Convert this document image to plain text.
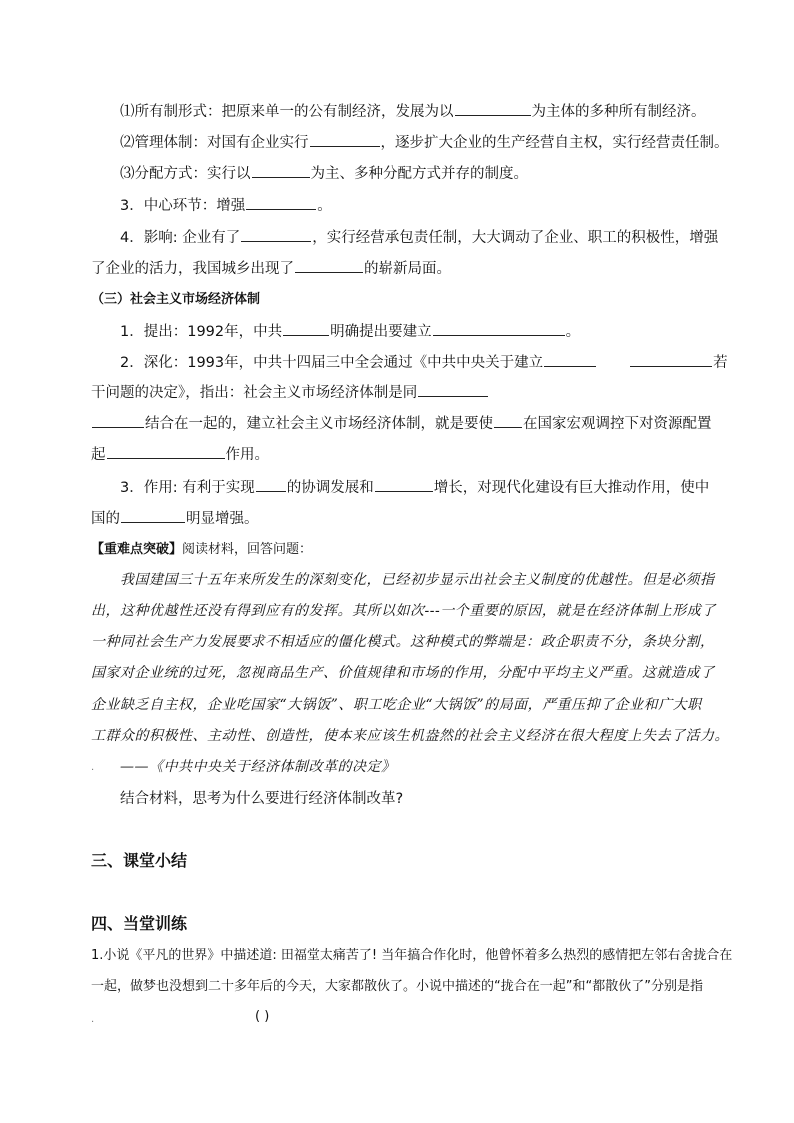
⑴所有制形式：把原来单一的公有制经济，发展为以	为主体的多种所有制经济。
⑵管理体制：对国有企业实行	，逐步扩大企业的生产经营自主权，实行经营责任制。
⑶分配方式：实行以	为主、多种分配方式并存的制度。
3．中心环节：增强	。
4．影响: 企业有了	，实行经营承包责任制，大大调动了企业、职工的积极性，增强
了企业的活力，我国城乡出现了	的崭新局面。
（三）社会主义市场经济体制
1．提出：1992年，中共	明确提出要建立	。
2．深化：1993年，中共十四届三中全会通过《中共中央关于建立	若
干问题的决定》，指出：社会主义市场经济体制是同
结合在一起的，建立社会主义市场经济体制，就是要使 在国家宏观调控下对资源配置
起	作用。
3．作用: 有利于实现 的协调发展和	增长，对现代化建设有巨大推动作用，使中
国的	明显增强。
【重难点突破】阅读材料，回答问题：
我国建国三十五年来所发生的深刻变化，已经初步显示出社会主义制度的优越性。但是必须指
出，这种优越性还没有得到应有的发挥。其所以如次---一个重要的原因，就是在经济体制上形成了
一种同社会生产力发展要求不相适应的僵化模式。这种模式的弊端是：政企职责不分，条块分割，
国家对企业统的过死，忽视商品生产、价值规律和市场的作用，分配中平均主义严重。这就造成了
企业缺乏自主权，企业吃国家“大锅饭”、职工吃企业“大锅饭”的局面，严重压抑了企业和广大职
工群众的积极性、主动性、创造性，使本来应该生机盎然的社会主义经济在很大程度上失去了活力。
. ——《中共中央关于经济体制改革的决定》
结合材料，思考为什么要进行经济体制改革?
三、课堂小结
四、当堂训练
1.小说《平凡的世界》中描述道: 田福堂太痛苦了! 当年搞合作化时，他曾怀着多么热烈的感情把左邻右舍拢合在
一起，做梦也没想到二十多年后的今天，大家都散伙了。小说中描述的“拢合在一起”和“都散伙了”分别是指
.	( )
